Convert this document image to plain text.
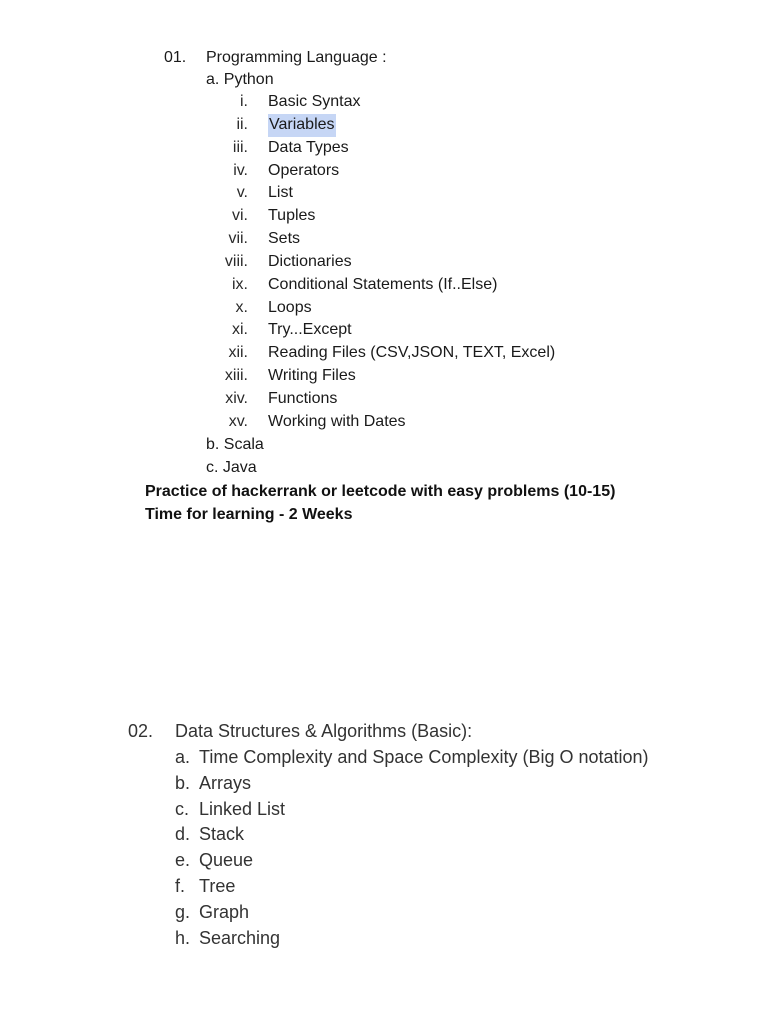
01. Programming Language :
a. Python
i.	Basic Syntax
ii.	Variables
iii.	Data Types
iv.	Operators
v.	List
vi.	Tuples
vii.	Sets
viii.	Dictionaries
ix.	Conditional Statements (If..Else)
x.	Loops
xi.	Try...Except
xii.	Reading Files (CSV,JSON, TEXT, Excel)
xiii.	Writing Files
xiv.	Functions
xv.	Working with Dates
b. Scala
c. Java
Practice of hackerrank or leetcode with easy problems (10-15)
Time for learning - 2 Weeks
02. Data Structures & Algorithms (Basic):
a. Time Complexity and Space Complexity (Big O notation)
b. Arrays
c. Linked List
d. Stack
e. Queue
f. Tree
g. Graph
h. Searching
